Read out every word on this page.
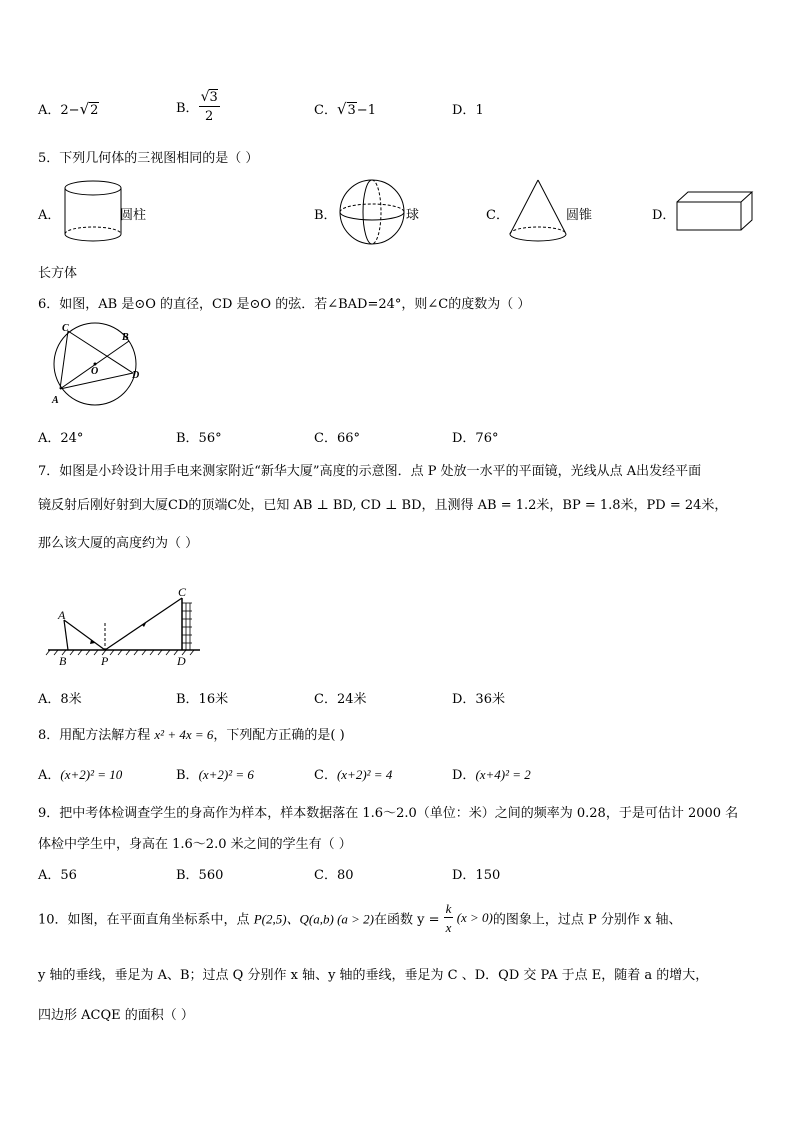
A．2−√2	B． $\frac{√3}{2}$	C．√3−1	D．1
5．下列几何体的三视图相同的是（ ）
A．	圆柱	B．	球	C．	圆锥	D．
长方体
6．如图，AB 是⊙O 的直径，CD 是⊙O 的弦．若∠BAD=24°，则∠C的度数为（ ）
C
B
O	D
A
A．24°	B．56°	C．66°	D．76°
7．如图是小玲设计用手电来测家附近“新华大厦”高度的示意图．点 P 处放一水平的平面镜，光线从点 A出发经平面
镜反射后刚好射到大厦CD的顶端C处，已知 AB ⊥ BD, CD ⊥ BD，且测得 AB = 1.2米，BP = 1.8米，PD = 24米，
那么该大厦的高度约为（ ）
A
B	P
C
D
A．8米	B．16米	C．24米	D．36米
8．用配方法解方程 x² + 4x = 6，下列配方正确的是( )
A．(x+2)² = 10	B．(x+2)² = 6	C．(x+2)² = 4	D．(x+4)² = 2
9．把中考体检调查学生的身高作为样本，样本数据落在 1.6～2.0（单位：米）之间的频率为 0.28，于是可估计 2000 名
体检中学生中，身高在 1.6～2.0 米之间的学生有（ ）
A．56	B．560	C．80	D．150
10．如图，在平面直角坐标系中，点 P(2,5)、Q(a,b) (a > 2)在函数 $y = \frac{k}{x} (x > 0)$的图象上，过点 P 分别作 x 轴、
y 轴的垂线，垂足为 A、B；过点 Q 分别作 x 轴、y 轴的垂线，垂足为 C 、D．QD 交 PA 于点 E，随着 a 的增大，
四边形 ACQE 的面积（ ）
